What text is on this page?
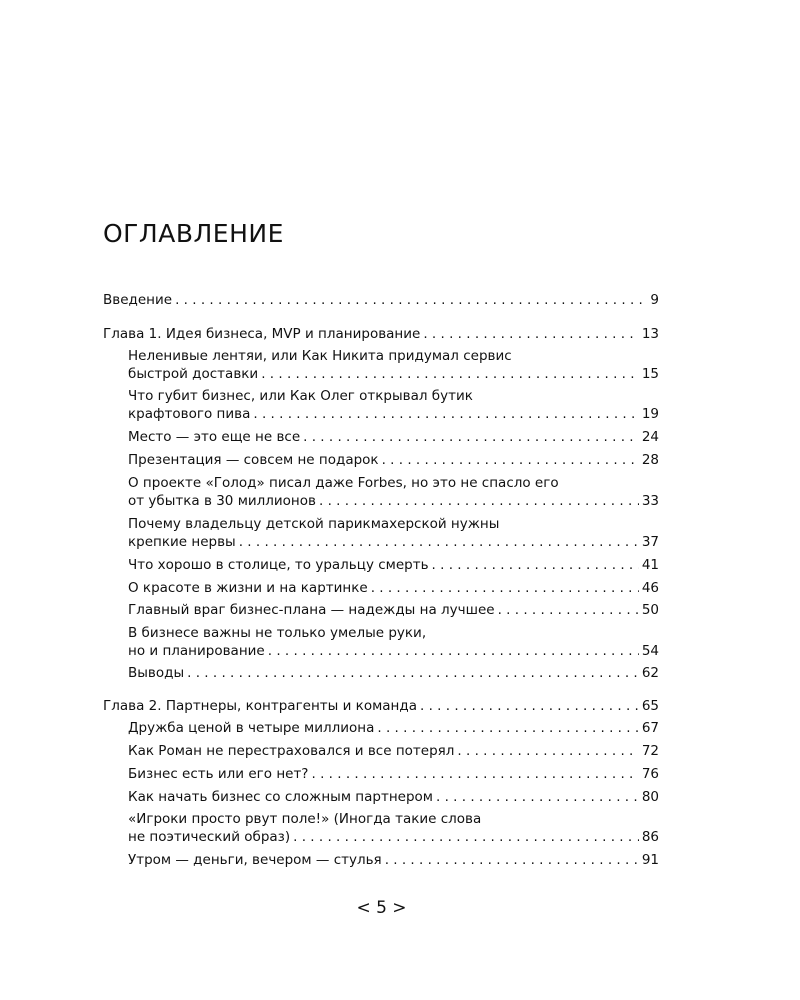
ОГЛАВЛЕНИЕ
Введение . . .	9
Глава 1. Идея бизнеса, MVP и планирование . . .	13
Неленивые лентяи, или Как Никита придумал сервис
быстрой доставки . . .	15
Что губит бизнес, или Как Олег открывал бутик
крафтового пива . . .	19
Место — это еще не все . . .	24
Презентация — совсем не подарок . . .	28
О проекте «Голод» писал даже Forbes, но это не спасло его
от убытка в 30 миллионов . . .	33
Почему владельцу детской парикмахерской нужны
крепкие нервы . . .	37
Что хорошо в столице, то уральцу смерть . . .	41
О красоте в жизни и на картинке . . .	46
Главный враг бизнес-плана — надежды на лучшее . . .	50
В бизнесе важны не только умелые руки,
но и планирование . . .	54
Выводы . . .	62
Глава 2. Партнеры, контрагенты и команда . . .	65
Дружба ценой в четыре миллиона . . .	67
Как Роман не перестраховался и все потерял . . .	72
Бизнес есть или его нет? . . .	76
Как начать бизнес со сложным партнером . . .	80
«Игроки просто рвут поле!» (Иногда такие слова
не поэтический образ) . . .	86
Утром — деньги, вечером — стулья . . .	91
< 5 >
